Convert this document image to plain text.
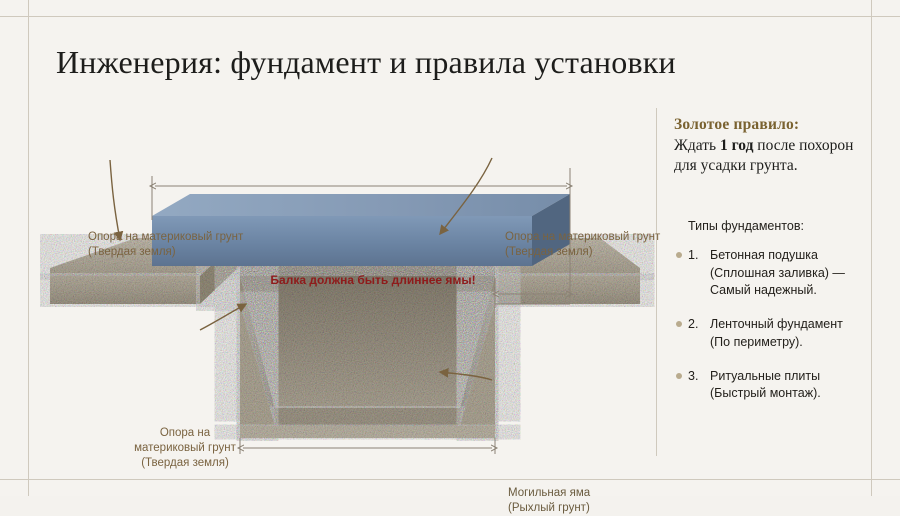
Инженерия: фундамент и правила установки
Балка должна быть длиннее ямы!
Опора на материковый грунт (Твердая земля)
Опора на материковый грунт (Твердая земля)
Опора на
материковый грунт
(Твердая земля)
Могильная яма
(Рыхлый грунт)
Золотое правило:

Ждать 1 год после похорон для усадки грунта.

Типы фундаментов:
1. Бетонная подушка
(Сплошная заливка) —
Самый надежный.
2. Ленточный фундамент
(По периметру).
3. Ритуальные плиты
(Быстрый монтаж).
